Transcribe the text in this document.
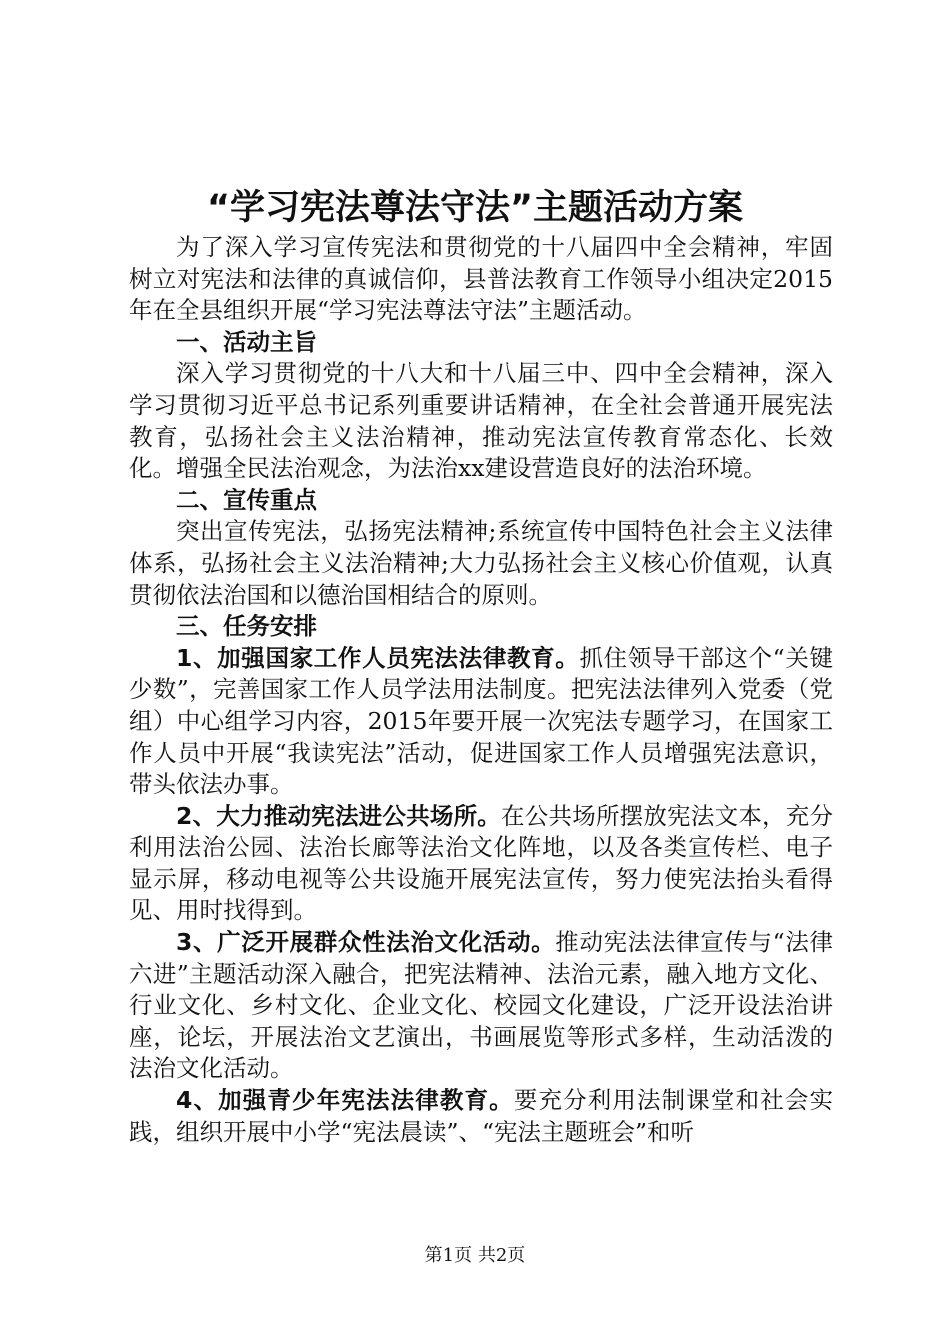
“学习宪法尊法守法”主题活动方案

为了深入学习宣传宪法和贯彻党的十八届四中全会精神，牢固树立对宪法和法律的真诚信仰，县普法教育工作领导小组决定2015年在全县组织开展“学习宪法尊法守法”主题活动。

一、活动主旨

深入学习贯彻党的十八大和十八届三中、四中全会精神，深入学习贯彻习近平总书记系列重要讲话精神，在全社会普通开展宪法教育，弘扬社会主义法治精神，推动宪法宣传教育常态化、长效化。增强全民法治观念，为法治xx建设营造良好的法治环境。

二、宣传重点

突出宣传宪法，弘扬宪法精神;系统宣传中国特色社会主义法律体系，弘扬社会主义法治精神;大力弘扬社会主义核心价值观，认真贯彻依法治国和以德治国相结合的原则。

三、任务安排

1、加强国家工作人员宪法法律教育。抓住领导干部这个“关键少数”，完善国家工作人员学法用法制度。把宪法法律列入党委（党组）中心组学习内容，2015年要开展一次宪法专题学习，在国家工作人员中开展“我读宪法”活动，促进国家工作人员增强宪法意识，带头依法办事。

2、大力推动宪法进公共场所。在公共场所摆放宪法文本，充分利用法治公园、法治长廊等法治文化阵地，以及各类宣传栏、电子显示屏，移动电视等公共设施开展宪法宣传，努力使宪法抬头看得见、用时找得到。

3、广泛开展群众性法治文化活动。推动宪法法律宣传与“法律六进”主题活动深入融合，把宪法精神、法治元素，融入地方文化、行业文化、乡村文化、企业文化、校园文化建设，广泛开设法治讲座，论坛，开展法治文艺演出，书画展览等形式多样，生动活泼的法治文化活动。

4、加强青少年宪法法律教育。要充分利用法制课堂和社会实践，组织开展中小学“宪法晨读”、“宪法主题班会”和听

第1页 共2页
